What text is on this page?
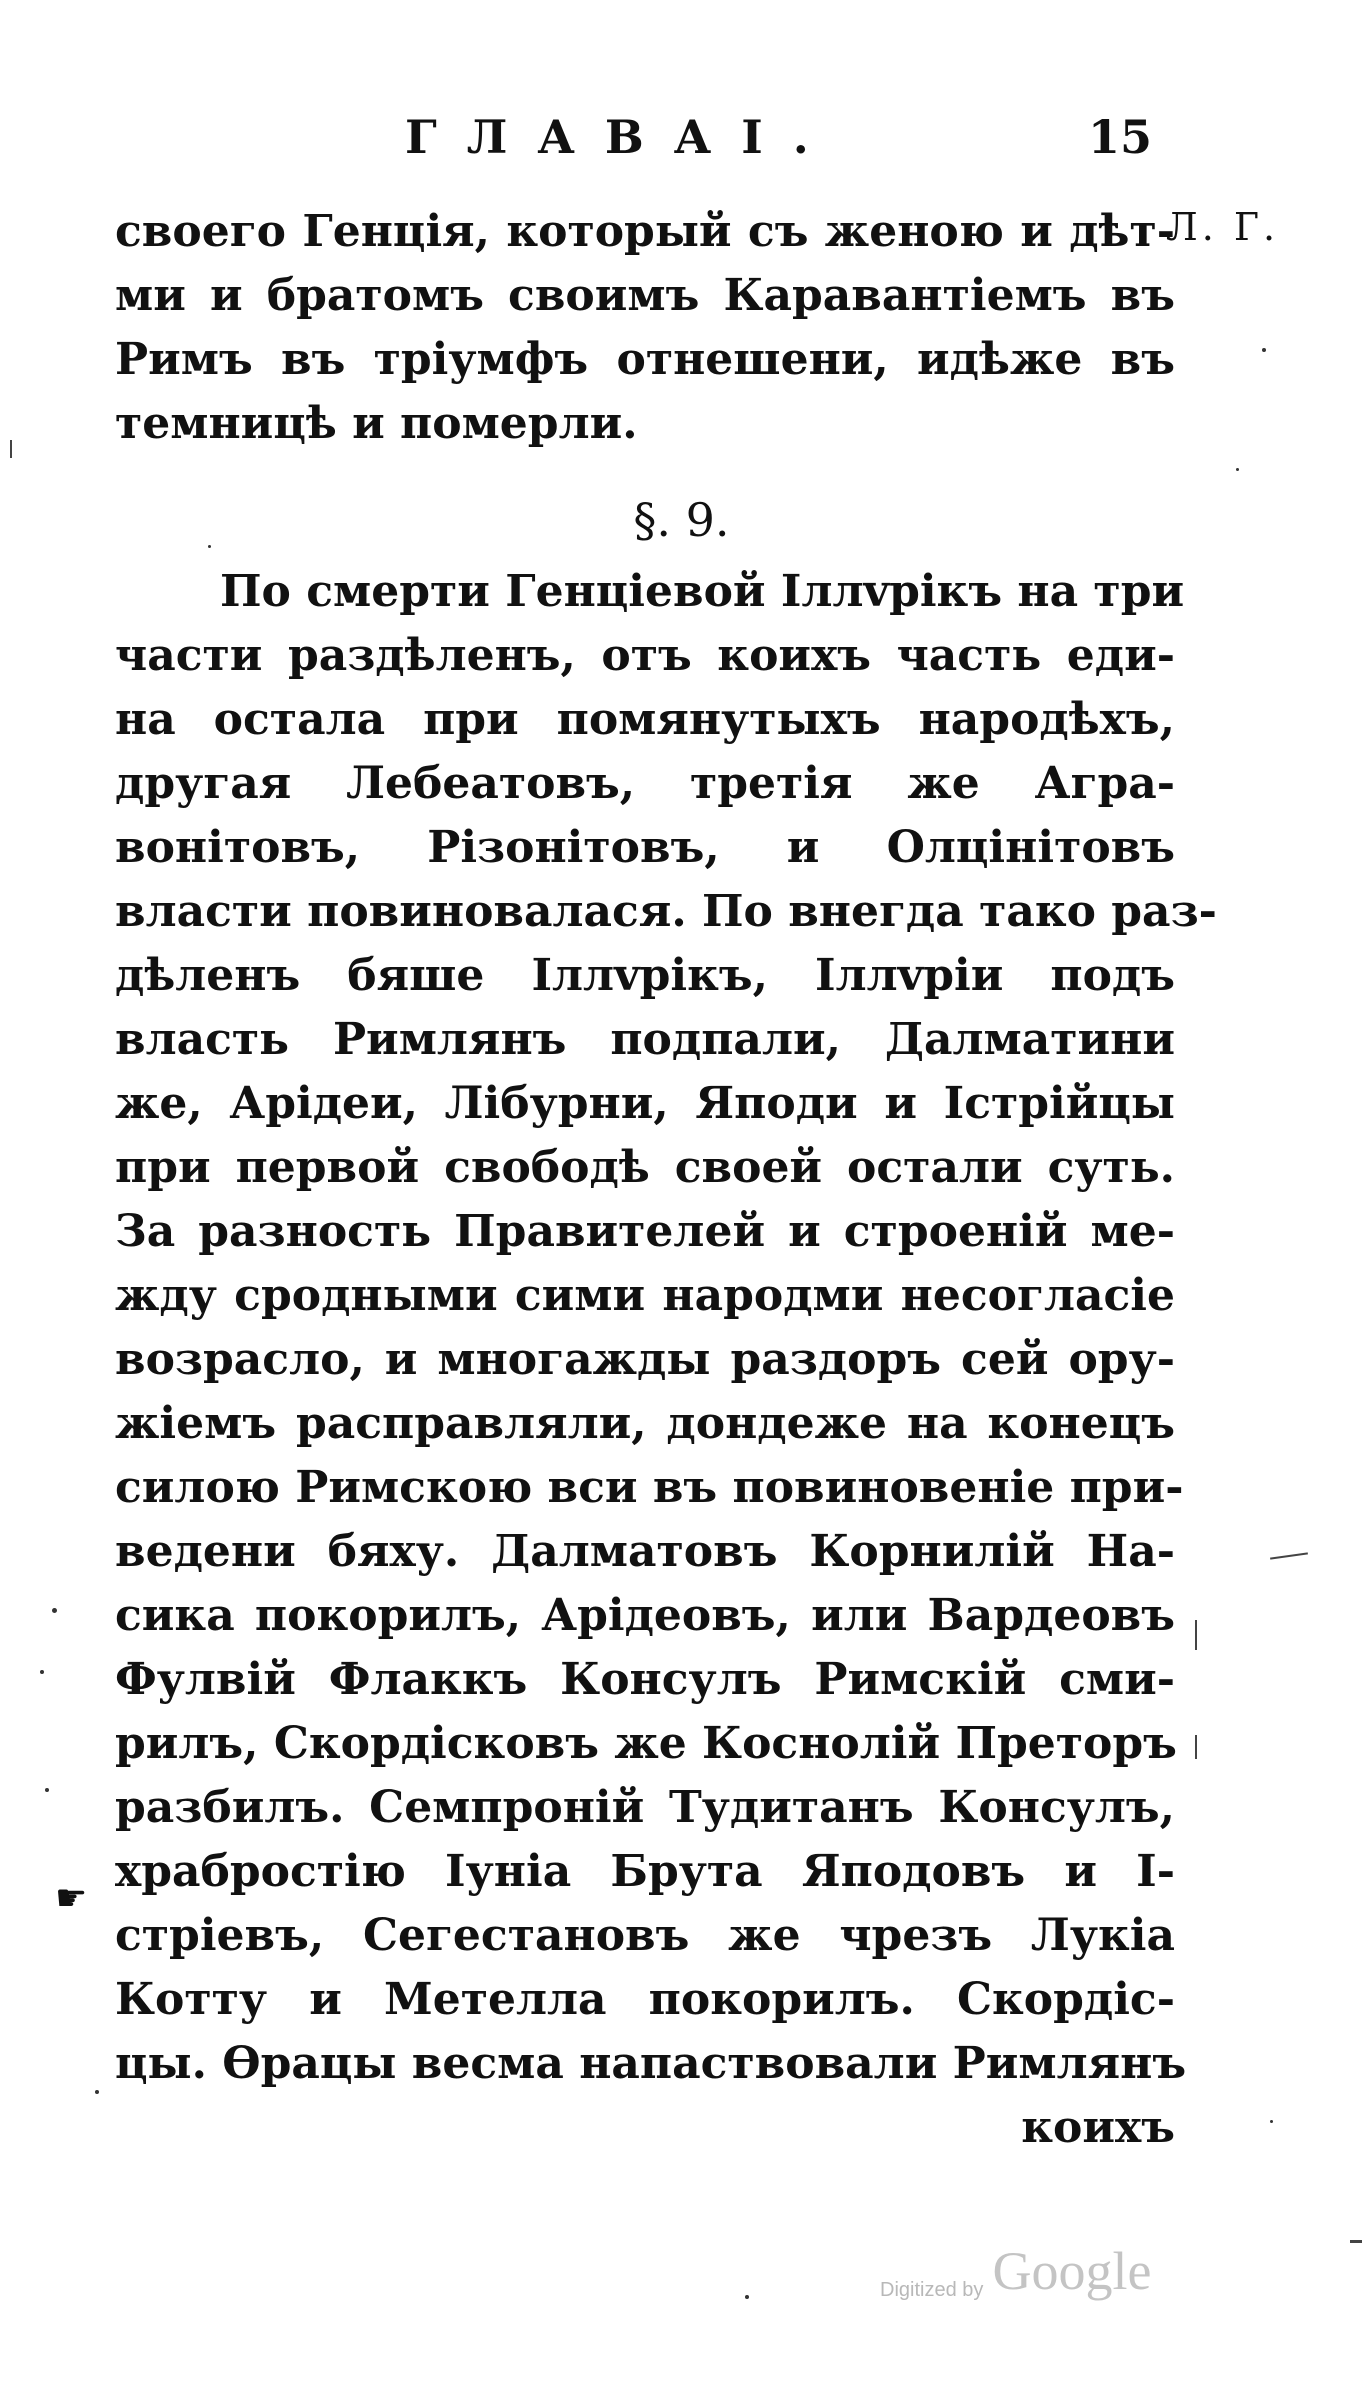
ГЛАВАI.	15
Л. Г.
своего Генція, который съ женою и дѣт-
ми и братомъ своимъ Каравантіемъ въ
Римъ въ тріумфъ отнешени, идѣже въ
темницѣ и померли.
§. 9.
По смерти Генціевой Іллvрікъ на три
части раздѣленъ, отъ коихъ часть еди-
на остала при помянутыхъ народѣхъ,
другая Лебеатовъ, третія же Агра-
вонітовъ, Різонітовъ, и Олцінітовъ
власти повиновалася. По внегда тако раз-
дѣленъ бяше Іллvрікъ, Іллvріи подъ
власть Римлянъ подпали, Далматини
же, Арідеи, Лібурни, Яподи и Істрійцы
при первой свободѣ своей остали суть.
За разность Правителей и строеній ме-
жду сродными сими народми несогласіе
возрасло, и многажды раздоръ сей ору-
жіемъ расправляли, дондеже на конецъ
силою Римскою вси въ повиновеніе при-
ведени бяху. Далматовъ Корнилій На-
сика покорилъ, Арідеовъ, или Вардеовъ
Фулвій Флаккъ Консулъ Римскій сми-
рилъ, Скордісковъ же Коснолій Преторъ
разбилъ. Семпроній Тудитанъ Консулъ,
храбростію Іуніа Брута Яподовъ и І-
стріевъ, Сегестановъ же чрезъ Лукіа
Котту и Метелла покорилъ. Скордіс-
цы. Ѳрацы весма напаствовали Римлянъ
коихъ
☛
Digitized by Google
